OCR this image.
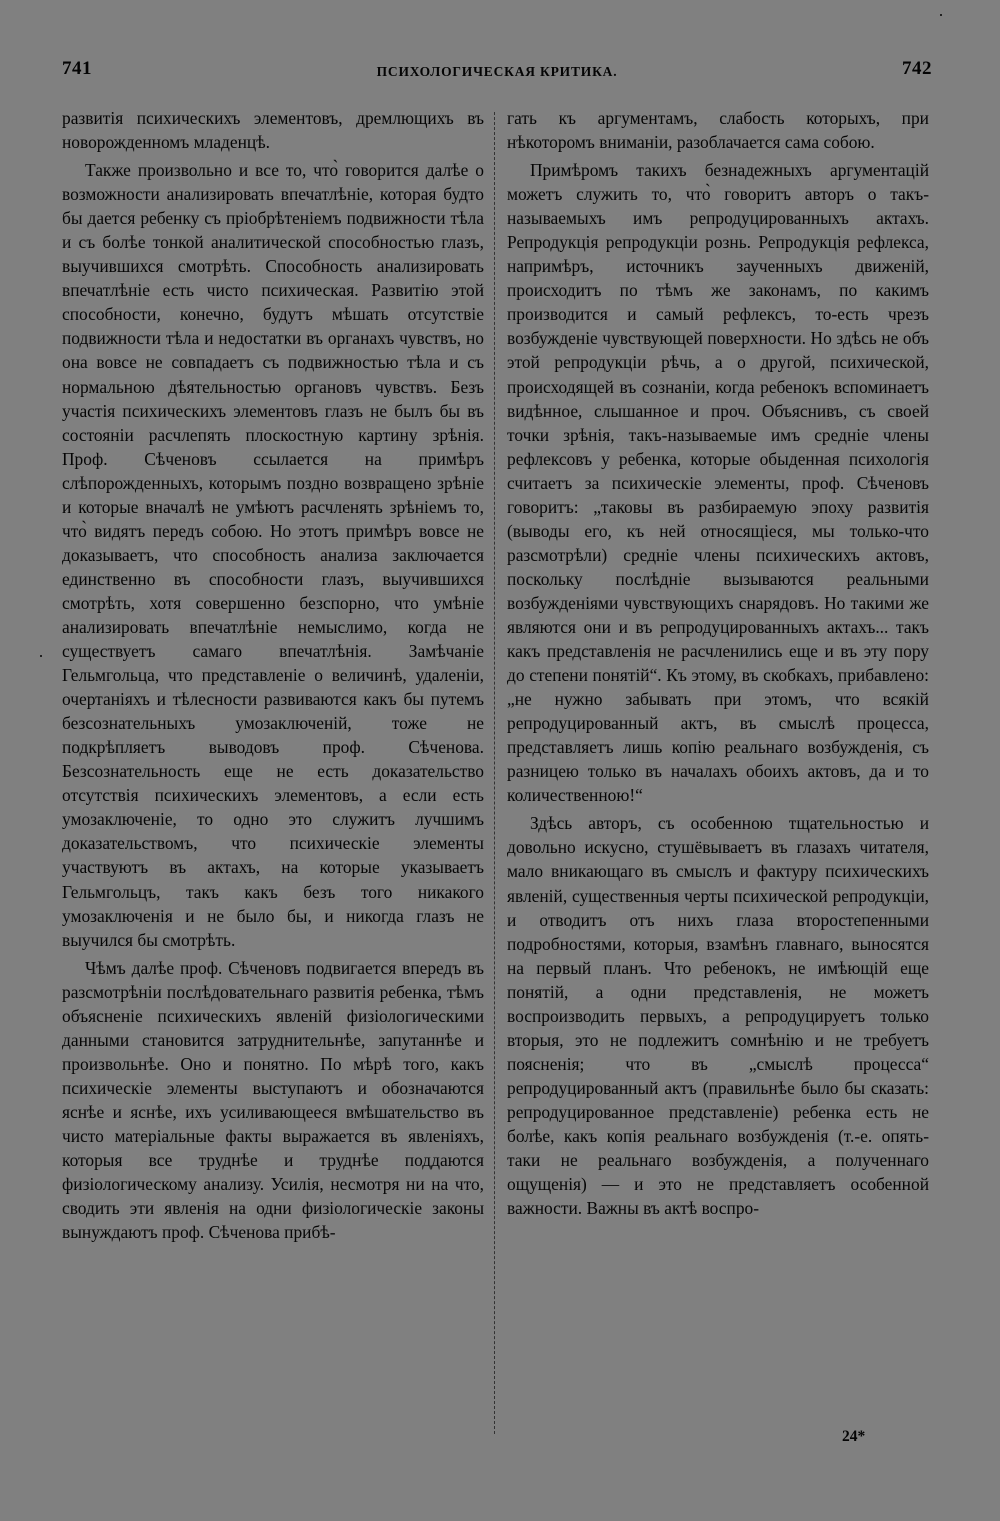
741	ПСИХОЛОГИЧЕСКАЯ КРИТИКА.	742

развитія психическихъ элементовъ, дремлющихъ въ новорожденномъ младенцѣ.

Также произвольно и все то, что̀ говорится далѣе о возможности анализировать впечатлѣніе, которая будто бы дается ребенку съ пріобрѣтеніемъ подвижности тѣла и съ болѣе тонкой аналитической способностью глазъ, выучившихся смотрѣть. Способность анализировать впечатлѣніе есть чисто психическая. Развитію этой способности, конечно, будутъ мѣшать отсутствіе подвижности тѣла и недостатки въ органахъ чувствъ, но она вовсе не совпадаетъ съ подвижностью тѣла и съ нормальною дѣятельностью органовъ чувствъ. Безъ участія психическихъ элементовъ глазъ не былъ бы въ состояніи расчлепять плоскостную картину зрѣнія. Проф. Сѣченовъ ссылается на примѣръ слѣпорожденныхъ, которымъ поздно возвращено зрѣніе и которые вначалѣ не умѣютъ расчленять зрѣніемъ то, что̀ видятъ передъ собою. Но этотъ примѣръ вовсе не доказываетъ, что способность анализа заключается единственно въ способности глазъ, выучившихся смотрѣть, хотя совершенно безспорно, что умѣніе анализировать впечатлѣніе немыслимо, когда не существуетъ самаго впечатлѣнія. Замѣчаніе Гельмгольца, что представленіе о величинѣ, удаленіи, очертаніяхъ и тѣлесности развиваются какъ бы путемъ безсознательныхъ умозаключеній, тоже не подкрѣпляетъ выводовъ проф. Сѣченова. Безсознательность еще не есть доказательство отсутствія психическихъ элементовъ, а если есть умозаключеніе, то одно это служитъ лучшимъ доказательствомъ, что психическіе элементы участвуютъ въ актахъ, на которые указываетъ Гельмгольцъ, такъ какъ безъ того никакого умозаключенія и не было бы, и никогда глазъ не выучился бы смотрѣть.

Чѣмъ далѣе проф. Сѣченовъ подвигается впередъ въ разсмотрѣніи послѣдовательнаго развитія ребенка, тѣмъ объясненіе психическихъ явленій физіологическими данными становится затруднительнѣе, запутаннѣе и произвольнѣе. Оно и понятно. По мѣрѣ того, какъ психическіе элементы выступаютъ и обозначаются яснѣе и яснѣе, ихъ усиливающееся вмѣшательство въ чисто матеріальные факты выражается въ явленіяхъ, которыя все труднѣе и труднѣе поддаются физіологическому анализу. Усилія, несмотря ни на что, сводить эти явленія на одни физіологическіе законы вынуждаютъ проф. Сѣченова прибѣ-

гать къ аргументамъ, слабость которыхъ, при нѣкоторомъ вниманіи, разоблачается сама собою.

Примѣромъ такихъ безнадежныхъ аргументацій можетъ служить то, что̀ говоритъ авторъ о такъ-называемыхъ имъ репродуцированныхъ актахъ. Репродукція репродукціи рознь. Репродукція рефлекса, напримѣръ, источникъ заученныхъ движеній, происходитъ по тѣмъ же законамъ, по какимъ производится и самый рефлексъ, то-есть чрезъ возбужденіе чувствующей поверхности. Но здѣсь не объ этой репродукціи рѣчь, а о другой, психической, происходящей въ сознаніи, когда ребенокъ вспоминаетъ видѣнное, слышанное и проч. Объяснивъ, съ своей точки зрѣнія, такъ-называемые имъ средніе члены рефлексовъ у ребенка, которые обыденная психологія считаетъ за психическіе элементы, проф. Сѣченовъ говоритъ: „таковы въ разбираемую эпоху развитія (выводы его, къ ней относящіеся, мы только-что разсмотрѣли) средніе члены психическихъ актовъ, поскольку послѣдніе вызываются реальными возбужденіями чувствующихъ снарядовъ. Но такими же являются они и въ репродуцированныхъ актахъ... такъ какъ представленія не расчленились еще и въ эту пору до степени понятій“. Къ этому, въ скобкахъ, прибавлено: „не нужно забывать при этомъ, что всякій репродуцированный актъ, въ смыслѣ процесса, представляетъ лишь копію реальнаго возбужденія, съ разницею только въ началахъ обоихъ актовъ, да и то количественною!“

Здѣсь авторъ, съ особенною тщательностью и довольно искусно, стушёвываетъ въ глазахъ читателя, мало вникающаго въ смыслъ и фактуру психическихъ явленій, существенныя черты психической репродукціи, и отводитъ отъ нихъ глаза второстепенными подробностями, которыя, взамѣнъ главнаго, выносятся на первый планъ. Что ребенокъ, не имѣющій еще понятій, а одни представленія, не можетъ воспроизводить первыхъ, а репродуцируетъ только вторыя, это не подлежитъ сомнѣнію и не требуетъ поясненія; что въ „смыслѣ процесса“ репродуцированный актъ (правильнѣе было бы сказать: репродуцированное представленіе) ребенка есть не болѣе, какъ копія реальнаго возбужденія (т.-е. опять-таки не реальнаго возбужденія, а полученнаго ощущенія) — и это не представляетъ особенной важности. Важны въ актѣ воспро-

24*
